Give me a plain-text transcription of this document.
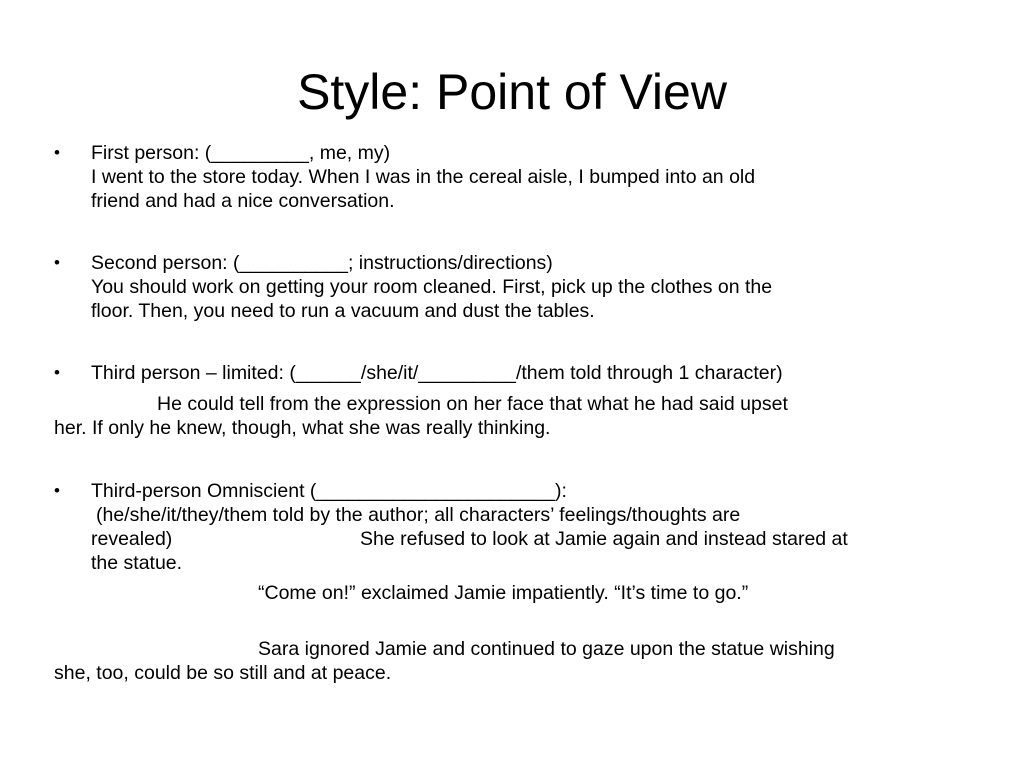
Style: Point of View
• First person: (_________, me, my)
I went to the store today. When I was in the cereal aisle, I bumped into an old
friend and had a nice conversation.
• Second person: (__________; instructions/directions)
You should work on getting your room cleaned. First, pick up the clothes on the
floor. Then, you need to run a vacuum and dust the tables.
• Third person – limited: (______/she/it/_________/them told through 1 character)
He could tell from the expression on her face that what he had said upset
her. If only he knew, though, what she was really thinking.
• Third-person Omniscient (______________________):
(he/she/it/they/them told by the author; all characters’ feelings/thoughts are
revealed)	She refused to look at Jamie again and instead stared at
the statue.
“Come on!” exclaimed Jamie impatiently. “It’s time to go.”
Sara ignored Jamie and continued to gaze upon the statue wishing
she, too, could be so still and at peace.
